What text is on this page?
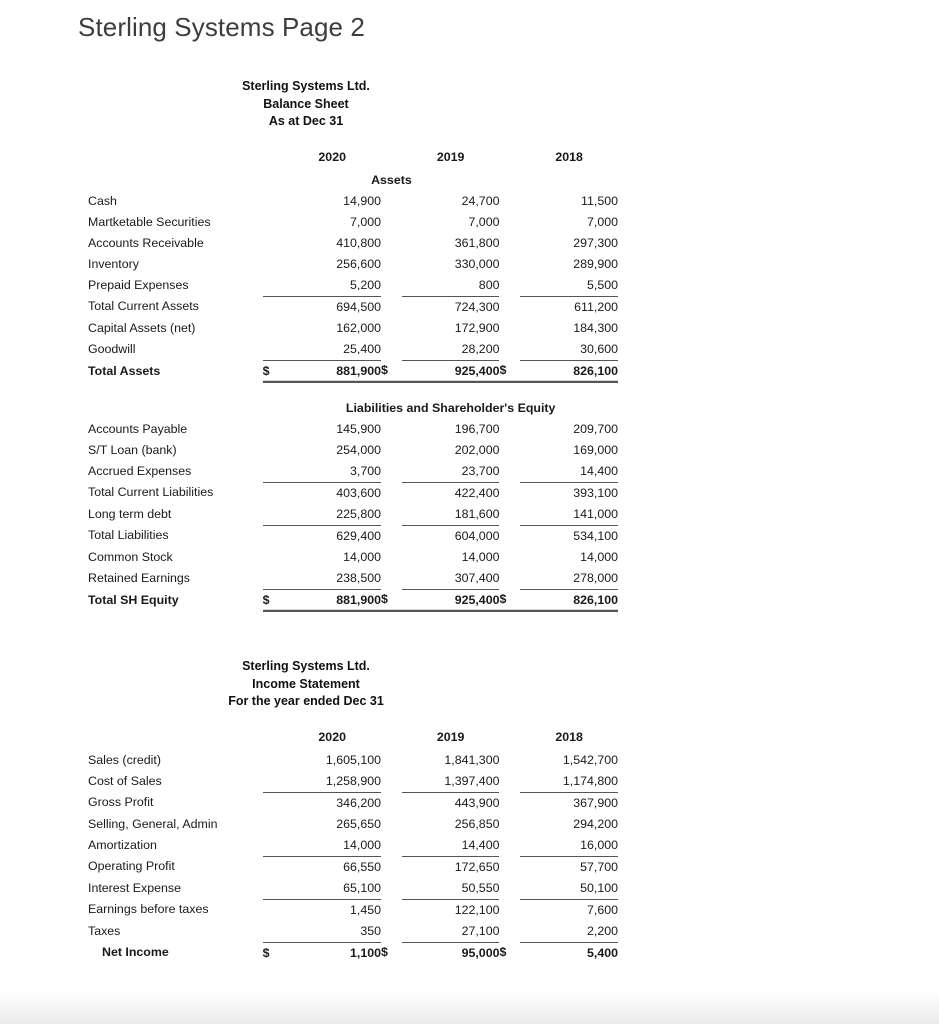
Sterling Systems Page 2
Sterling Systems Ltd.
Balance Sheet
As at Dec 31

		2020		2019		2018
		Assets				
Cash		14,900		24,700		11,500
Martketable Securities		7,000		7,000		7,000
Accounts Receivable		410,800		361,800		297,300
Inventory		256,600		330,000		289,900
Prepaid Expenses		5,200		800		5,500
Total Current Assets		694,500		724,300		611,200
Capital Assets (net)		162,000		172,900		184,300
Goodwill		25,400		28,200		30,600
Total Assets	$	881,900	$	925,400	$	826,100

		Liabilities and Shareholder's Equity				
Accounts Payable		145,900		196,700		209,700
S/T Loan (bank)		254,000		202,000		169,000
Accrued Expenses		3,700		23,700		14,400
Total Current Liabilities		403,600		422,400		393,100
Long term debt		225,800		181,600		141,000
Total Liabilities		629,400		604,000		534,100
Common Stock		14,000		14,000		14,000
Retained Earnings		238,500		307,400		278,000
Total SH Equity	$	881,900	$	925,400	$	826,100
Sterling Systems Ltd.
Income Statement
For the year ended Dec 31

		2020		2019		2018
Sales (credit)		1,605,100		1,841,300		1,542,700
Cost of Sales		1,258,900		1,397,400		1,174,800
Gross Profit		346,200		443,900		367,900
Selling, General, Admin		265,650		256,850		294,200
Amortization		14,000		14,400		16,000
Operating Profit		66,550		172,650		57,700
Interest Expense		65,100		50,550		50,100
Earnings before taxes		1,450		122,100		7,600
Taxes		350		27,100		2,200
Net Income	$	1,100	$	95,000	$	5,400
